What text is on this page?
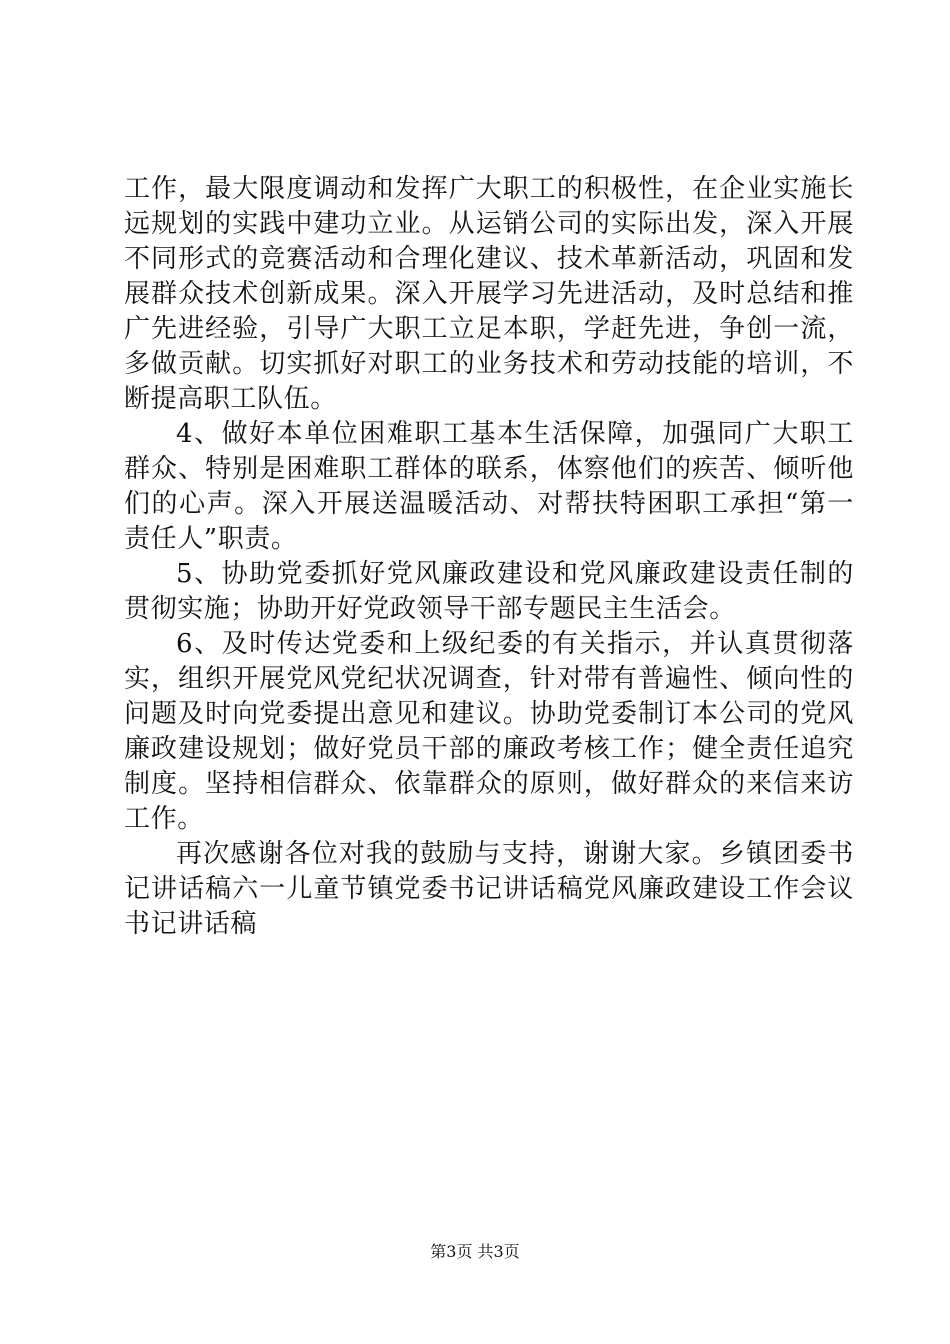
工作，最大限度调动和发挥广大职工的积极性，在企业实施长远规划的实践中建功立业。从运销公司的实际出发，深入开展不同形式的竞赛活动和合理化建议、技术革新活动，巩固和发展群众技术创新成果。深入开展学习先进活动，及时总结和推广先进经验，引导广大职工立足本职，学赶先进，争创一流，多做贡献。切实抓好对职工的业务技术和劳动技能的培训，不断提高职工队伍。

4、做好本单位困难职工基本生活保障，加强同广大职工群众、特别是困难职工群体的联系，体察他们的疾苦、倾听他们的心声。深入开展送温暖活动、对帮扶特困职工承担“第一责任人”职责。

5、协助党委抓好党风廉政建设和党风廉政建设责任制的贯彻实施；协助开好党政领导干部专题民主生活会。

6、及时传达党委和上级纪委的有关指示，并认真贯彻落实，组织开展党风党纪状况调查，针对带有普遍性、倾向性的问题及时向党委提出意见和建议。协助党委制订本公司的党风廉政建设规划；做好党员干部的廉政考核工作；健全责任追究制度。坚持相信群众、依靠群众的原则，做好群众的来信来访工作。

再次感谢各位对我的鼓励与支持，谢谢大家。乡镇团委书记讲话稿六一儿童节镇党委书记讲话稿党风廉政建设工作会议书记讲话稿

第3页 共3页
